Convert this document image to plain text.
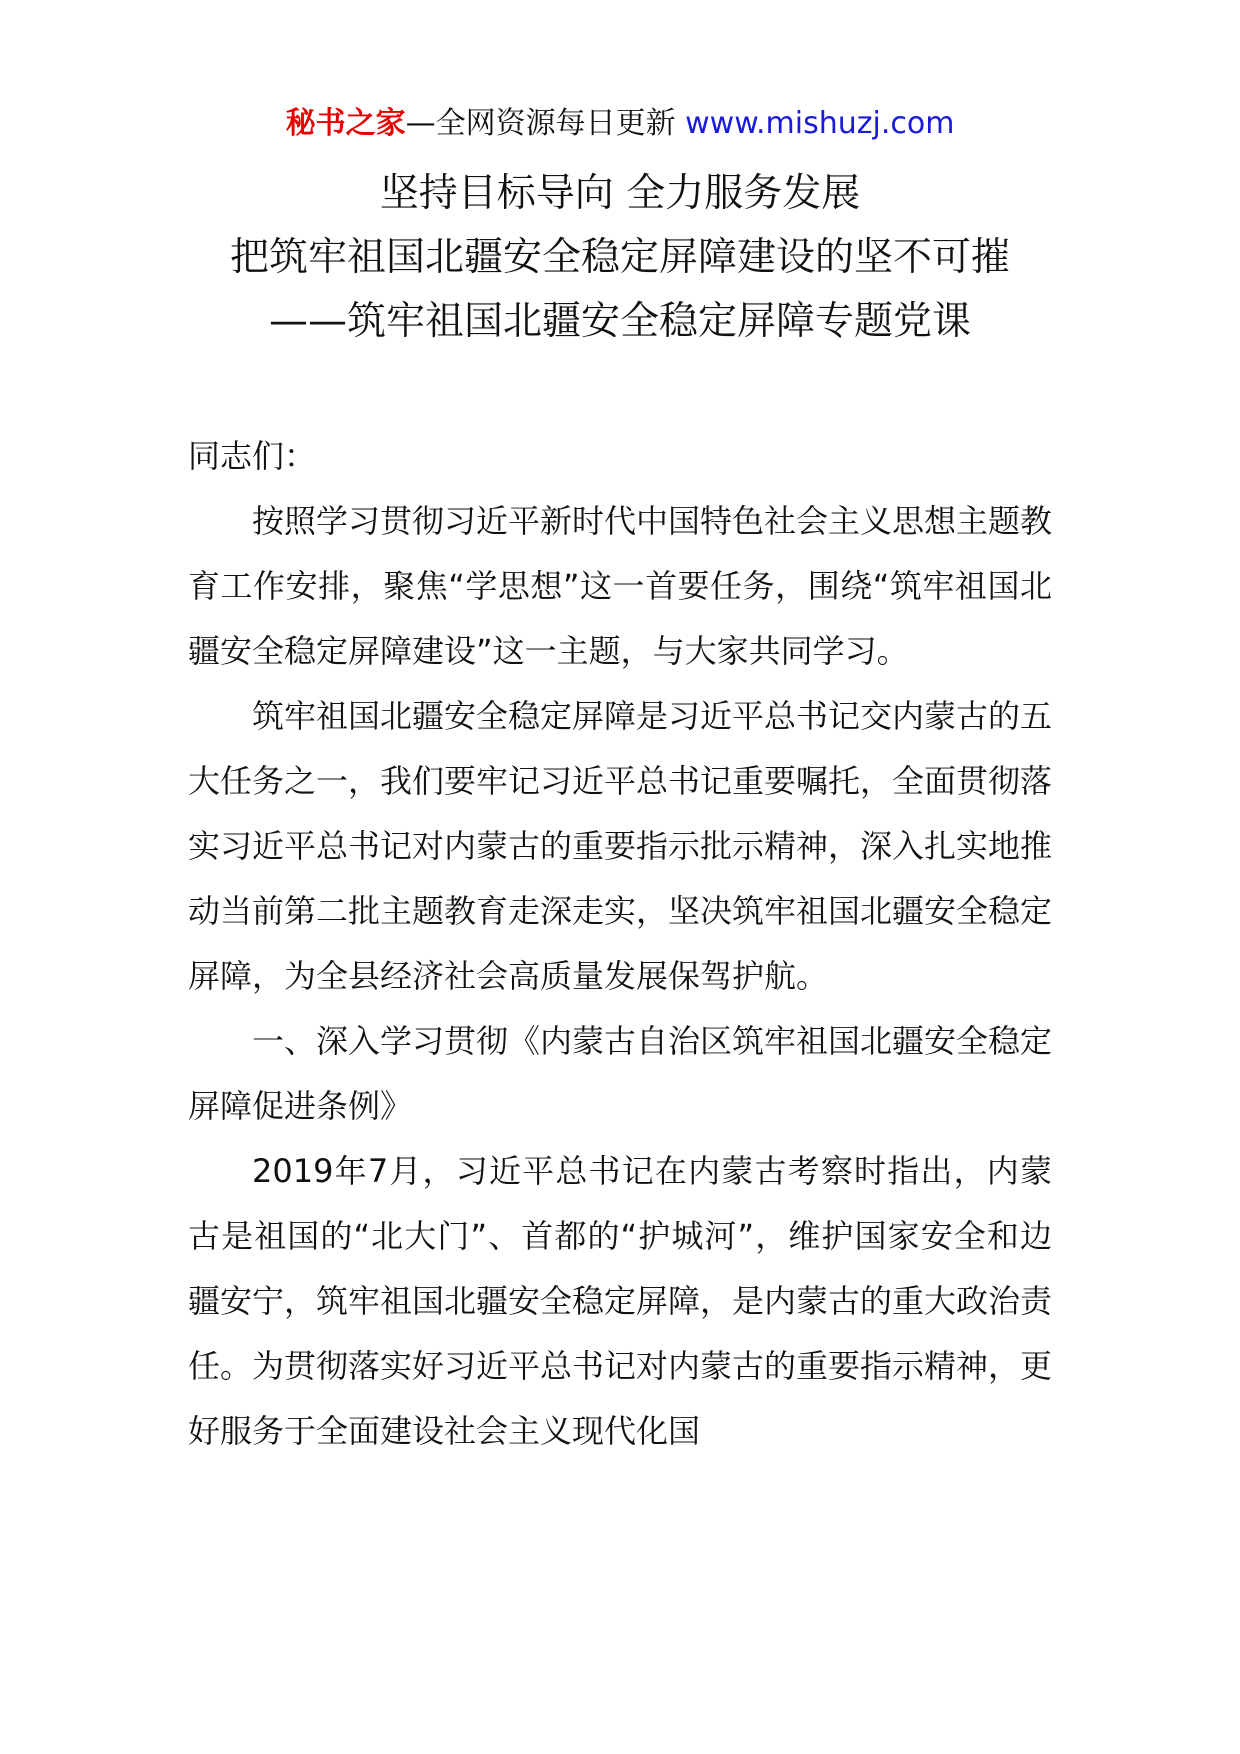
秘书之家—全网资源每日更新 www.mishuzj.com
坚持目标导向 全力服务发展
把筑牢祖国北疆安全稳定屏障建设的坚不可摧
——筑牢祖国北疆安全稳定屏障专题党课

同志们：

按照学习贯彻习近平新时代中国特色社会主义思想主题教育工作安排，聚焦“学思想”这一首要任务，围绕“筑牢祖国北疆安全稳定屏障建设”这一主题，与大家共同学习。

筑牢祖国北疆安全稳定屏障是习近平总书记交内蒙古的五大任务之一，我们要牢记习近平总书记重要嘱托，全面贯彻落实习近平总书记对内蒙古的重要指示批示精神，深入扎实地推动当前第二批主题教育走深走实，坚决筑牢祖国北疆安全稳定屏障，为全县经济社会高质量发展保驾护航。

一、深入学习贯彻《内蒙古自治区筑牢祖国北疆安全稳定屏障促进条例》

2019年7月，习近平总书记在内蒙古考察时指出，内蒙古是祖国的“北大门”、首都的“护城河”，维护国家安全和边疆安宁，筑牢祖国北疆安全稳定屏障，是内蒙古的重大政治责任。为贯彻落实好习近平总书记对内蒙古的重要指示精神，更好服务于全面建设社会主义现代化国
